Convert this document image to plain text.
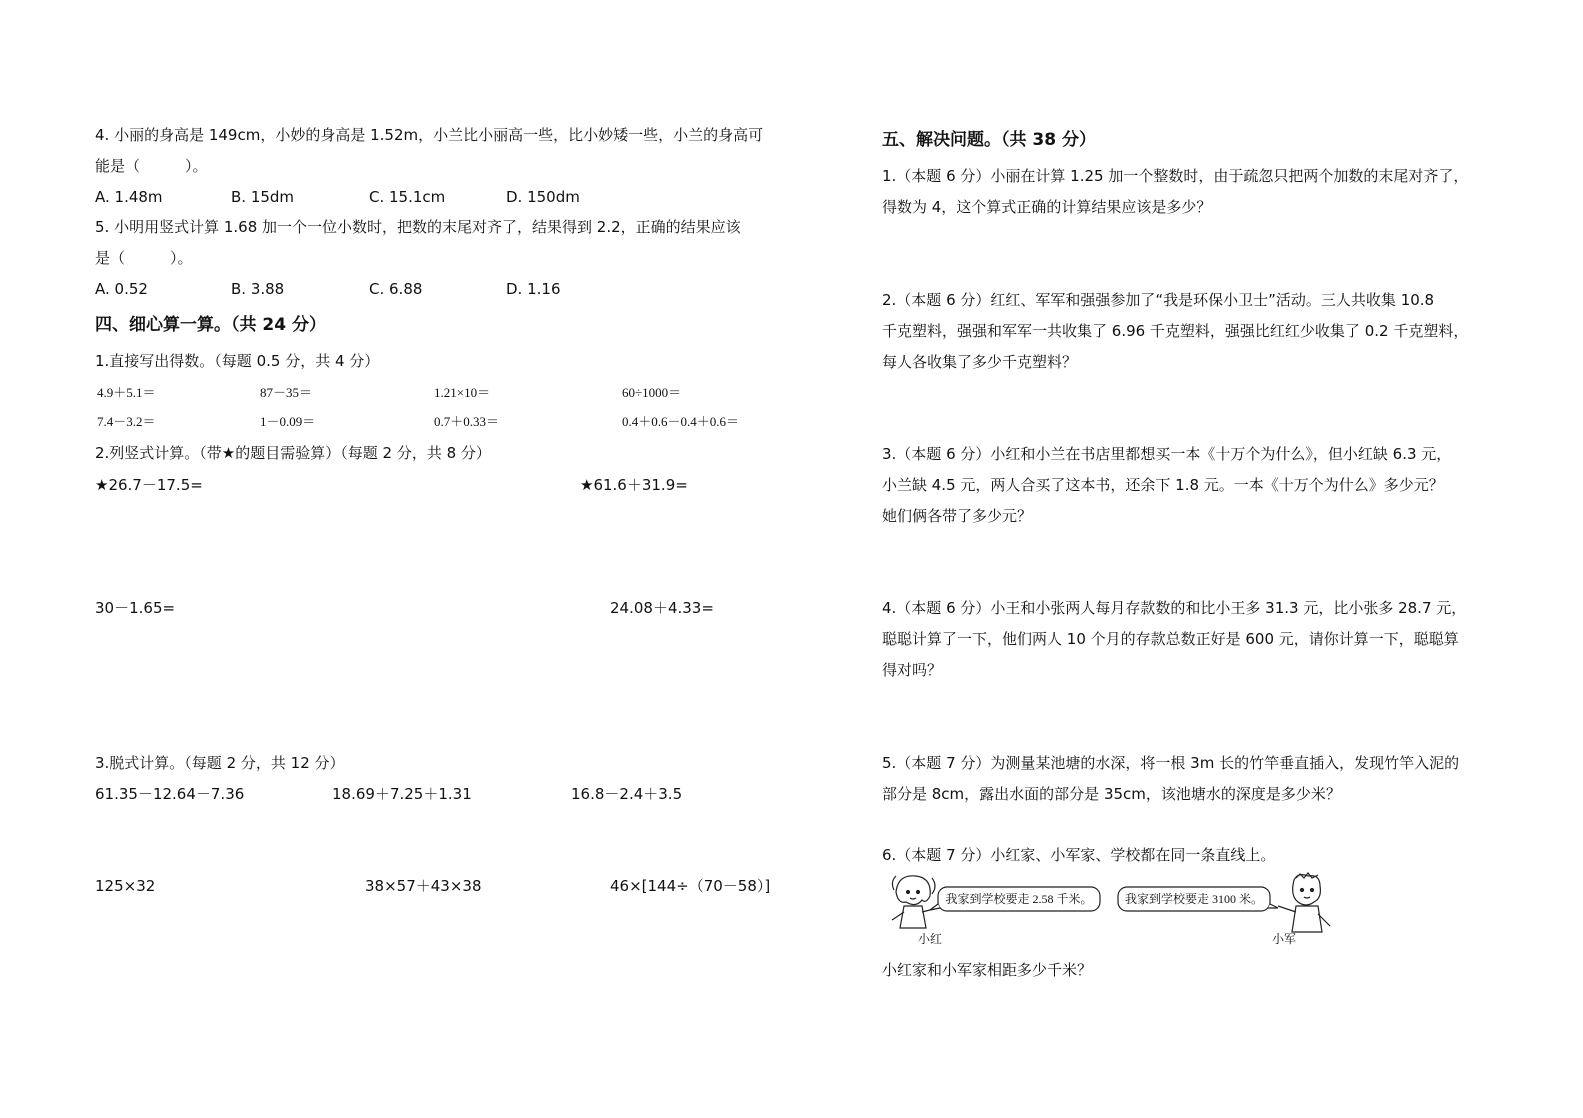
4. 小丽的身高是 149cm，小妙的身高是 1.52m，小兰比小丽高一些，比小妙矮一些，小兰的身高可
能是（　　　）。
A. 1.48m	B. 15dm	C. 15.1cm	D. 150dm
5. 小明用竖式计算 1.68 加一个一位小数时，把数的末尾对齐了，结果得到 2.2，正确的结果应该
是（　　　）。
A. 0.52	B. 3.88	C. 6.88	D. 1.16
四、细心算一算。（共 24 分）
1.直接写出得数。（每题 0.5 分，共 4 分）
4.9＋5.1＝	87－35＝	1.21×10＝	60÷1000＝
7.4－3.2＝	1－0.09＝	0.7＋0.33＝	0.4＋0.6－0.4＋0.6＝
2.列竖式计算。（带★的题目需验算）（每题 2 分，共 8 分）
★26.7－17.5=	★61.6＋31.9=
30－1.65=	24.08＋4.33=
3.脱式计算。（每题 2 分，共 12 分）
61.35－12.64－7.36	18.69＋7.25＋1.31	16.8－2.4＋3.5
125×32	38×57＋43×38	46×[144÷（70－58）]
五、解决问题。（共 38 分）
1.（本题 6 分）小丽在计算 1.25 加一个整数时，由于疏忽只把两个加数的末尾对齐了，
得数为 4，这个算式正确的计算结果应该是多少？
2.（本题 6 分）红红、军军和强强参加了“我是环保小卫士”活动。三人共收集 10.8
千克塑料，强强和军军一共收集了 6.96 千克塑料，强强比红红少收集了 0.2 千克塑料，
每人各收集了多少千克塑料？
3.（本题 6 分）小红和小兰在书店里都想买一本《十万个为什么》，但小红缺 6.3 元，
小兰缺 4.5 元，两人合买了这本书，还余下 1.8 元。一本《十万个为什么》多少元？
她们俩各带了多少元？
4.（本题 6 分）小王和小张两人每月存款数的和比小王多 31.3 元，比小张多 28.7 元，
聪聪计算了一下，他们两人 10 个月的存款总数正好是 600 元，请你计算一下，聪聪算
得对吗？
5.（本题 7 分）为测量某池塘的水深，将一根 3m 长的竹竿垂直插入，发现竹竿入泥的
部分是 8cm，露出水面的部分是 35cm，该池塘水的深度是多少米？
6.（本题 7 分）小红家、小军家、学校都在同一条直线上。
我家到学校要走 2.58 千米。	我家到学校要走 3100 米。
小红	小军
小红家和小军家相距多少千米？
